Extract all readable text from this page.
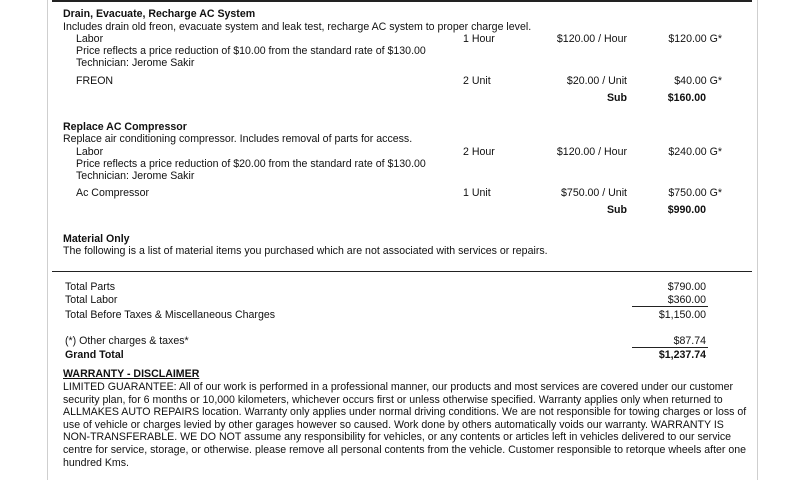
Drain, Evacuate, Recharge AC System
Includes drain old freon, evacuate system and leak test, recharge AC system to proper charge level.
Labor	1 Hour	$120.00 / Hour	$120.00 G*
Price reflects a price reduction of $10.00 from the standard rate of $130.00
Technician: Jerome Sakir
FREON	2 Unit	$20.00 / Unit	$40.00 G*
Sub	$160.00
Replace AC Compressor
Replace air conditioning compressor. Includes removal of parts for access.
Labor	2 Hour	$120.00 / Hour	$240.00 G*
Price reflects a price reduction of $20.00 from the standard rate of $130.00
Technician: Jerome Sakir
Ac Compressor	1 Unit	$750.00 / Unit	$750.00 G*
Sub	$990.00
Material Only
The following is a list of material items you purchased which are not associated with services or repairs.
Total Parts	$790.00
Total Labor	$360.00
Total Before Taxes & Miscellaneous Charges	$1,150.00
(*) Other charges & taxes*	$87.74
Grand Total	$1,237.74
WARRANTY - DISCLAIMER
LIMITED GUARANTEE: All of our work is performed in a professional manner, our products and most services are covered under our customer security plan, for 6 months or 10,000 kilometers, whichever occurs first or unless otherwise specified. Warranty applies only when returned to ALLMAKES AUTO REPAIRS location. Warranty only applies under normal driving conditions. We are not responsible for towing charges or loss of use of vehicle or charges levied by other garages however so caused. Work done by others automatically voids our warranty. WARRANTY IS NON-TRANSFERABLE. WE DO NOT assume any responsibility for vehicles, or any contents or articles left in vehicles delivered to our service centre for service, storage, or otherwise. please remove all personal contents from the vehicle. Customer responsible to retorque wheels after one hundred Kms.
